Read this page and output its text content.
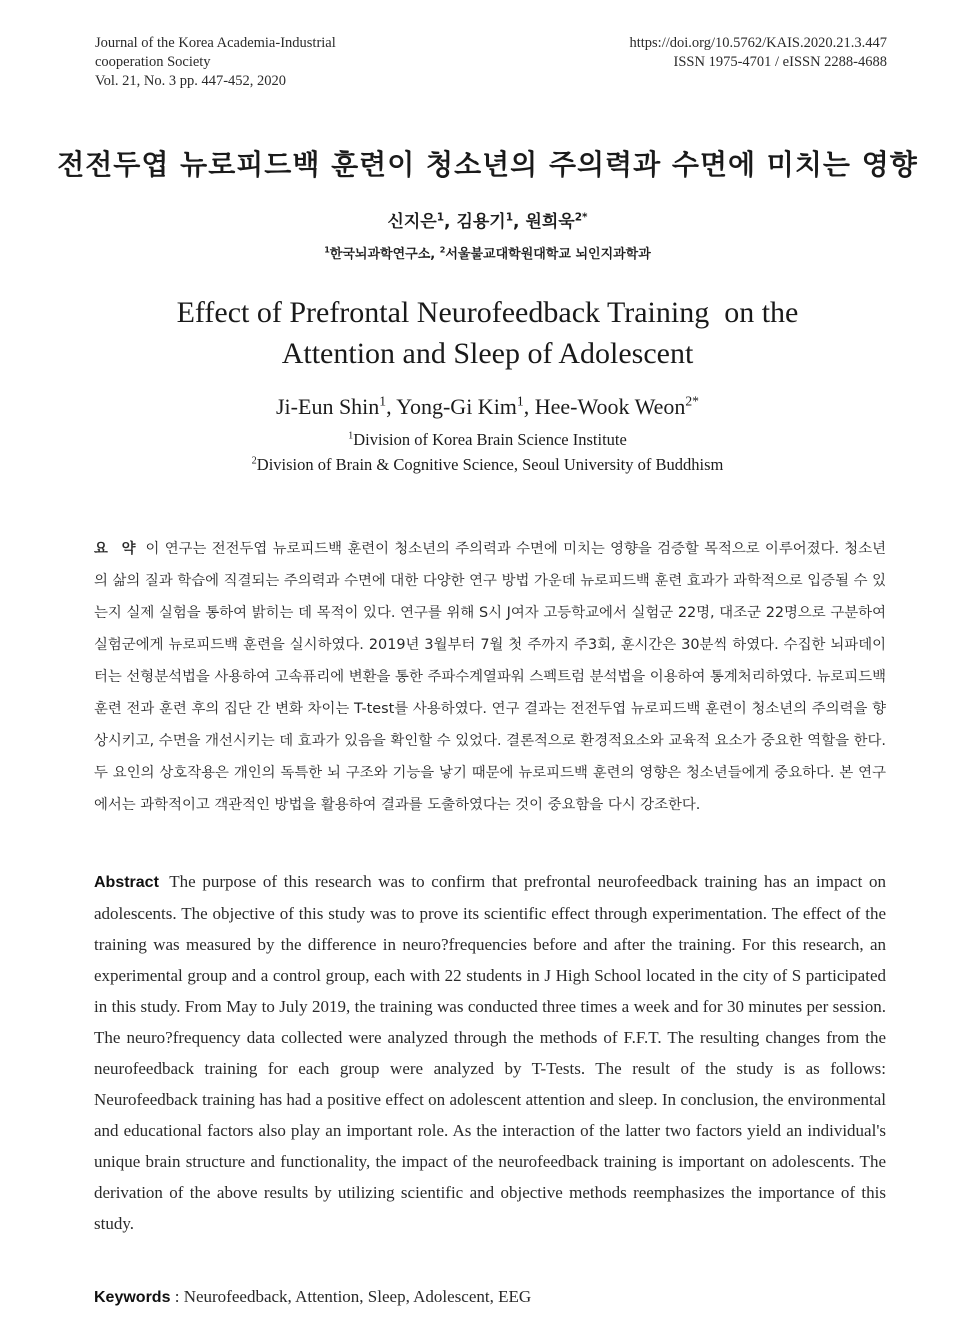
Journal of the Korea Academia-Industrial
cooperation Society
Vol. 21, No. 3 pp. 447-452, 2020
https://doi.org/10.5762/KAIS.2020.21.3.447
ISSN 1975-4701 / eISSN 2288-4688
전전두엽 뉴로피드백 훈련이 청소년의 주의력과 수면에 미치는 영향
신지은$^1$, 김용기$^1$, 원희욱$^{2*}$
$^1$한국뇌과학연구소, $^2$서울불교대학원대학교 뇌인지과학과
Effect of Prefrontal Neurofeedback Training  on the
Attention and Sleep of Adolescent
Ji-Eun Shin$^1$, Yong-Gi Kim$^1$, Hee-Wook Weon$^{2*}$
$^1$Division of Korea Brain Science Institute
$^2$Division of Brain & Cognitive Science, Seoul University of Buddhism
요 약 이 연구는 전전두엽 뉴로피드백 훈련이 청소년의 주의력과 수면에 미치는 영향을 검증할 목적으로 이루어졌다. 청소년의 삶의 질과 학습에 직결되는 주의력과 수면에 대한 다양한 연구 방법 가운데 뉴로피드백 훈련 효과가 과학적으로 입증될 수 있는지 실제 실험을 통하여 밝히는 데 목적이 있다. 연구를 위해 S시 J여자 고등학교에서 실험군 22명, 대조군 22명으로 구분하여 실험군에게 뉴로피드백 훈련을 실시하였다. 2019년 3월부터 7월 첫 주까지 주3회, 훈시간은 30분씩 하였다. 수집한 뇌파데이터는 선형분석법을 사용하여 고속퓨리에 변환을 통한 주파수계열파워 스펙트럼 분석법을 이용하여 통계처리하였다. 뉴로피드백 훈련 전과 훈련 후의 집단 간 변화 차이는 T-test를 사용하였다. 연구 결과는 전전두엽 뉴로피드백 훈련이 청소년의 주의력을 향상시키고, 수면을 개선시키는 데 효과가 있음을 확인할 수 있었다. 결론적으로 환경적요소와 교육적 요소가 중요한 역할을 한다. 두 요인의 상호작용은 개인의 독특한 뇌 구조와 기능을 낳기 때문에 뉴로피드백 훈련의 영향은 청소년들에게 중요하다. 본 연구에서는 과학적이고 객관적인 방법을 활용하여 결과를 도출하였다는 것이 중요함을 다시 강조한다.
Abstract The purpose of this research was to confirm that prefrontal neurofeedback training has an impact on adolescents. The objective of this study was to prove its scientific effect through experimentation. The effect of the training was measured by the difference in neuro?frequencies before and after the training. For this research, an experimental group and a control group, each with 22 students in J High School located in the city of S participated in this study. From May to July 2019, the training was conducted three times a week and for 30 minutes per session. The neuro?frequency data collected were analyzed through the methods of F.F.T. The resulting changes from the neurofeedback training for each group were analyzed by T-Tests. The result of the study is as follows: Neurofeedback training has had a positive effect on adolescent attention and sleep. In conclusion, the environmental and educational factors also play an important role. As the interaction of the latter two factors yield an individual's unique brain structure and functionality, the impact of the neurofeedback training is important on adolescents. The derivation of the above results by utilizing scientific and objective methods reemphasizes the importance of this study.
Keywords : Neurofeedback, Attention, Sleep, Adolescent, EEG
